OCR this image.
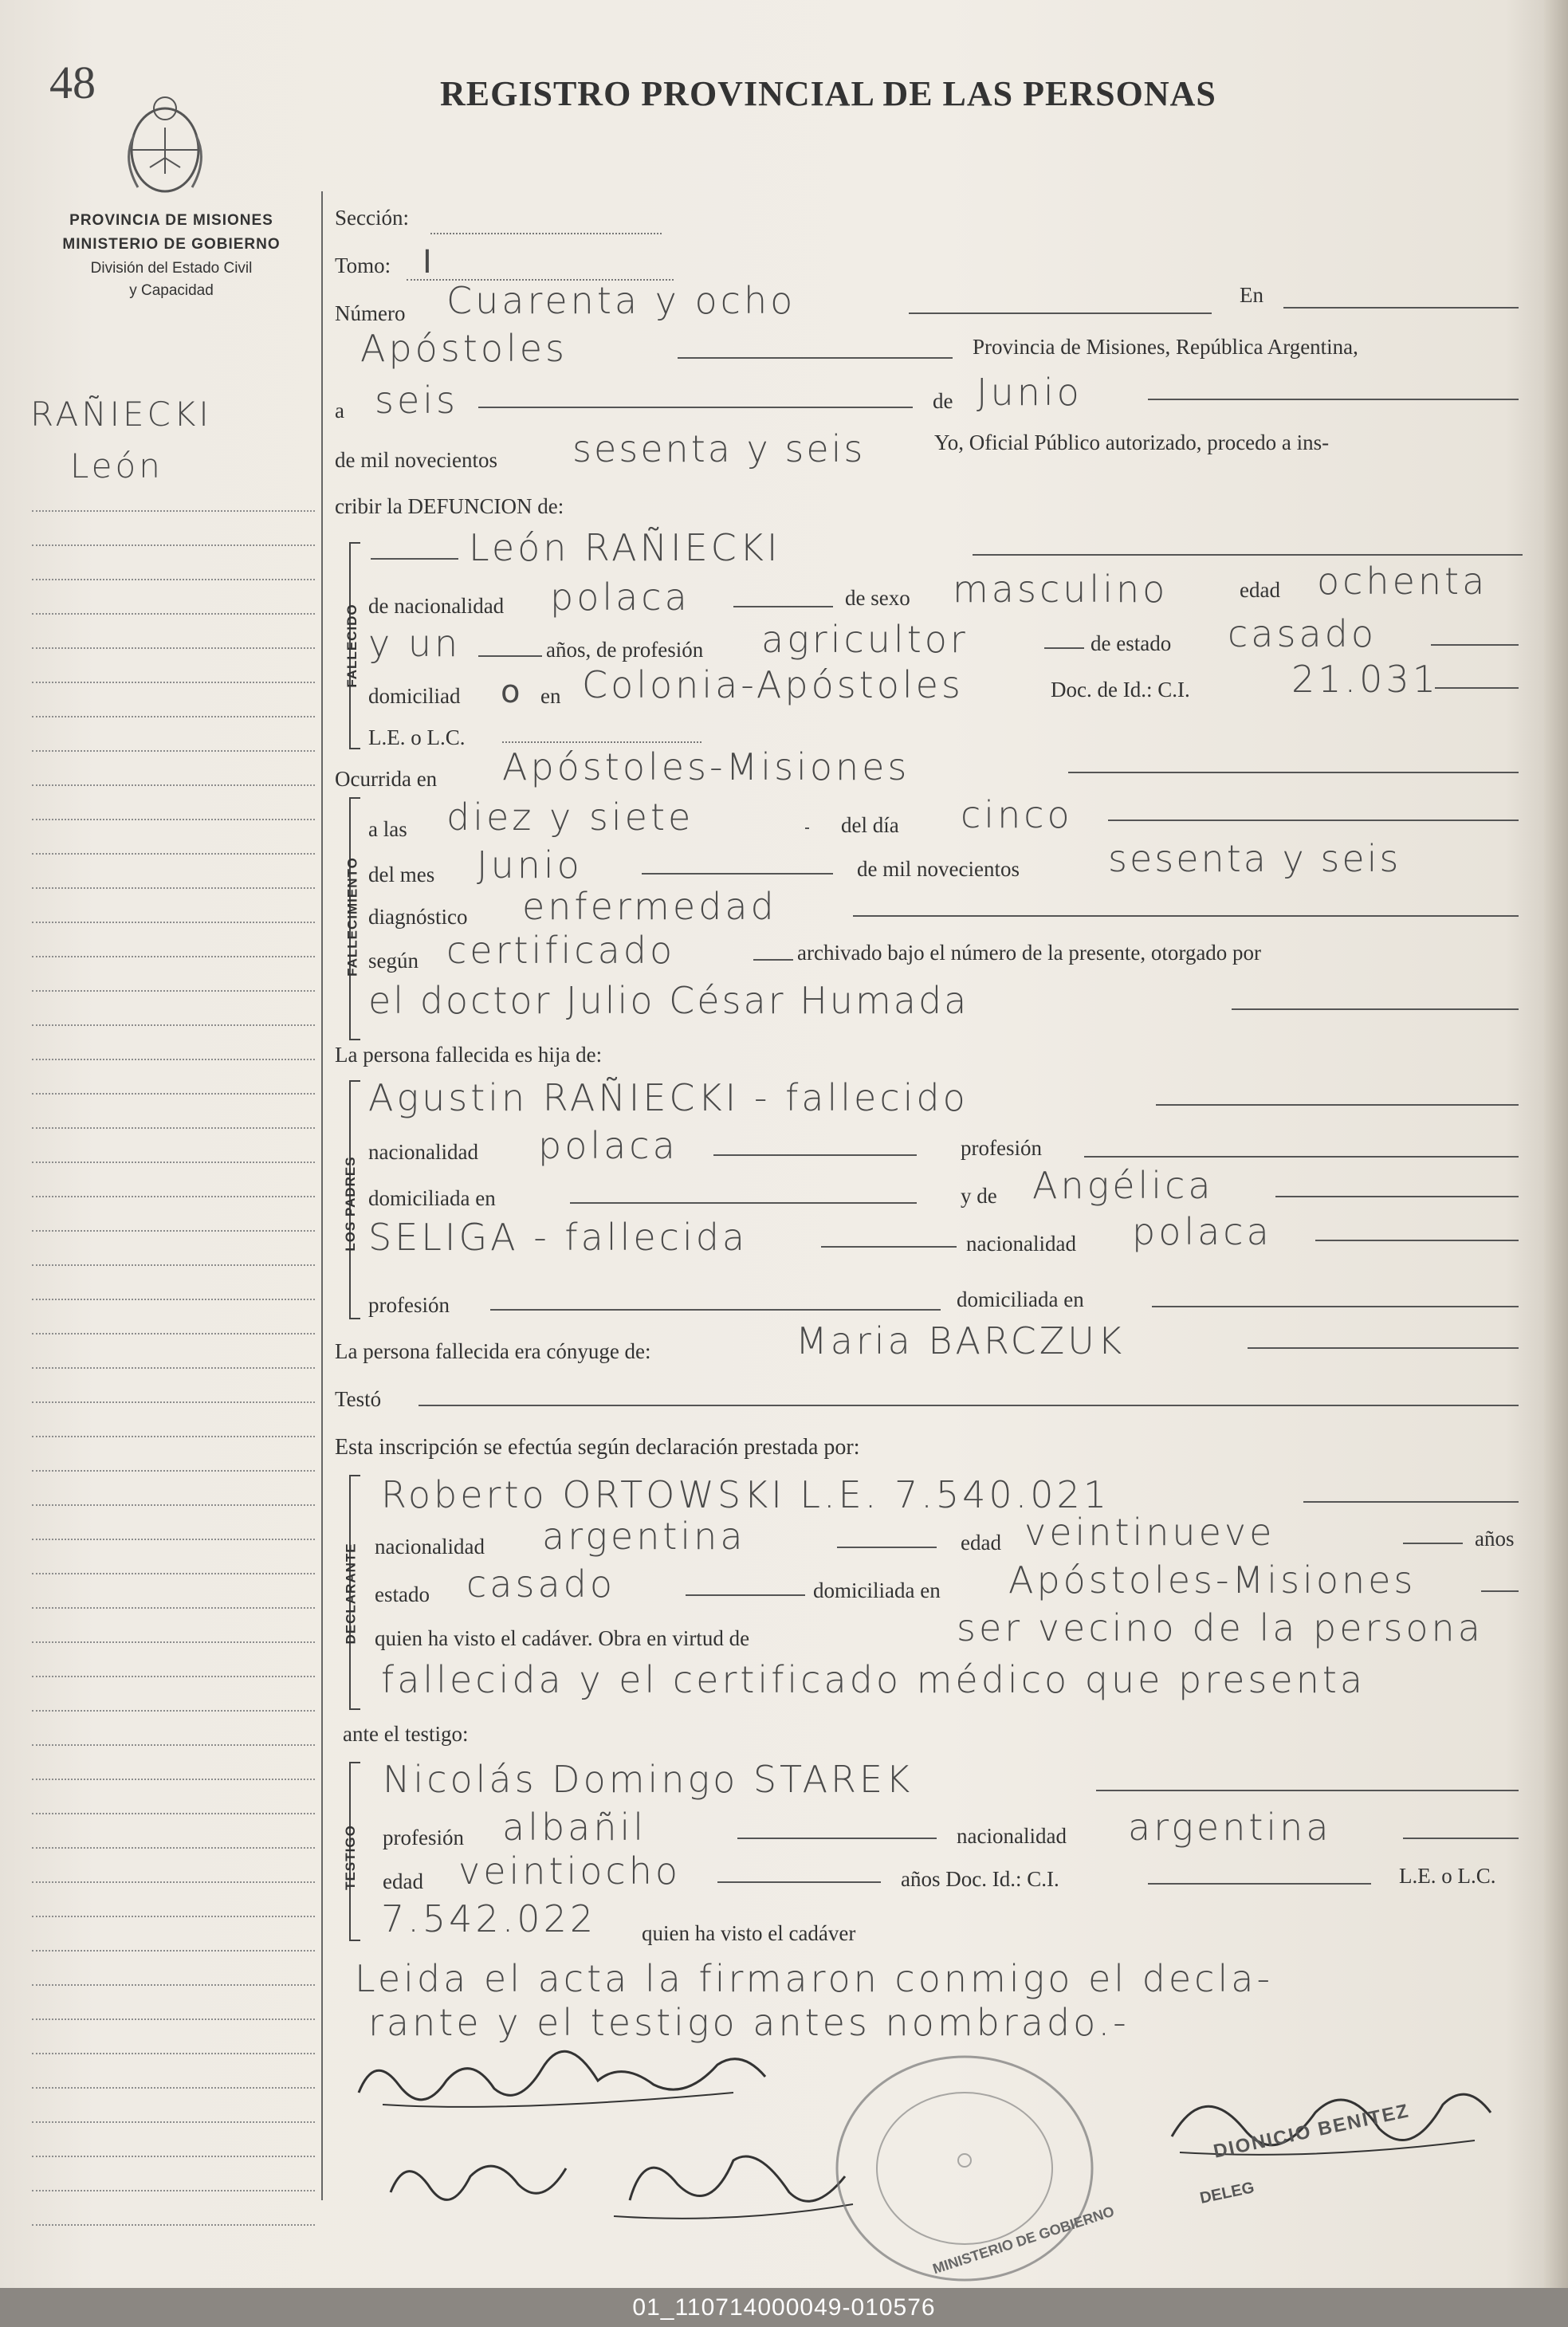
48	REGISTRO PROVINCIAL DE LAS PERSONAS
PROVINCIA DE MISIONES
MINISTERIO DE GOBIERNO
División del Estado Civil
y Capacidad
RAÑIECKI
León
Sección:
Tomo: I
Número Cuarenta y ocho	En
Apóstoles	Provincia de Misiones, República Argentina,
a seis	de Junio
de mil novecientos sesenta y seis	Yo, Oficial Público autorizado, procedo a ins-
cribir la DEFUNCION de:
FALLECIDO
León RAÑIECKI
de nacionalidad polaca	de sexo masculino	edad ochenta
y un	años, de profesión agricultor	de estado casado
domiciliad o en Colonia-Apóstoles	Doc. de Id.: C.I.	21.031
L.E. o L.C.
Ocurrida en Apóstoles-Misiones
FALLECIMIENTO
a las diez y siete	del día cinco
del mes Junio	de mil novecientos sesenta y seis
diagnóstico enfermedad
según certificado	archivado bajo el número de la presente, otorgado por
el doctor Julio César Humada
La persona fallecida es hija de:
LOS PADRES
Agustin RAÑIECKI - fallecido
nacionalidad polaca	profesión
domiciliada en	y de Angélica
SELIGA - fallecida	nacionalidad polaca
profesión	domiciliada en
La persona fallecida era cónyuge de:	Maria BARCZUK
Testó
Esta inscripción se efectúa según declaración prestada por:
DECLARANTE
Roberto ORTOWSKI L.E. 7.540.021
nacionalidad argentina	edad veintinueve	años
estado casado	domiciliada en Apóstoles-Misiones
quien ha visto el cadáver. Obra en virtud de	ser vecino de la persona
fallecida y el certificado médico que presenta
ante el testigo:
TESTIGO
Nicolás Domingo STAREK
profesión albañil	nacionalidad argentina
edad veintiocho	años Doc. Id.: C.I.	L.E. o L.C.
7.542.022 quien ha visto el cadáver
Leida el acta la firmaron conmigo el decla-
rante y el testigo antes nombrado.-
MINISTERIO DE GOBIERNO
DIONICIO BENITEZ
DELEG
01_110714000049-010576
